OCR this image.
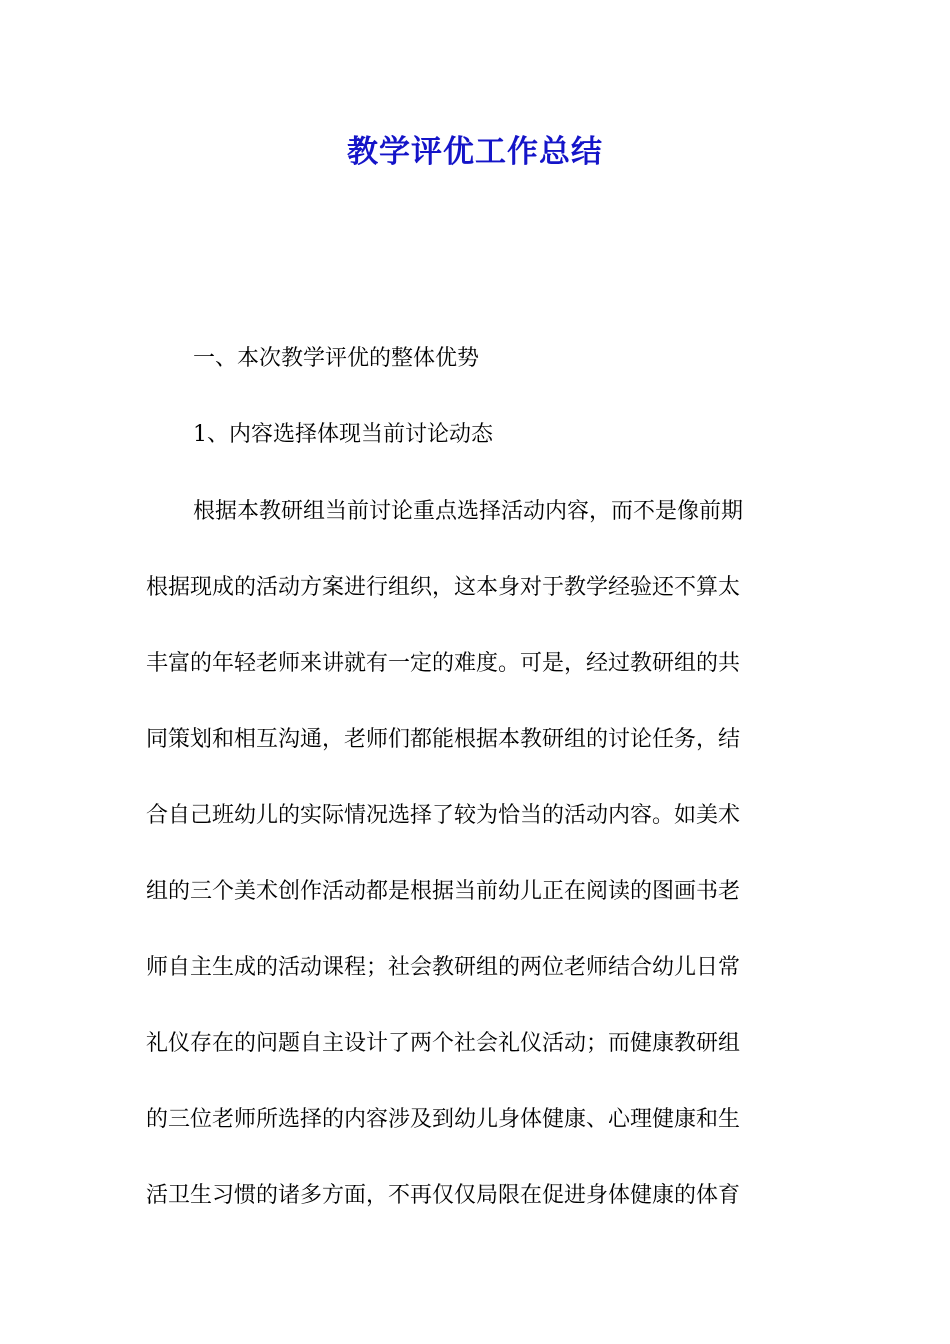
教学评优工作总结
一、本次教学评优的整体优势
1、内容选择体现当前讨论动态
根据本教研组当前讨论重点选择活动内容，而不是像前期
根据现成的活动方案进行组织，这本身对于教学经验还不算太
丰富的年轻老师来讲就有一定的难度。可是，经过教研组的共
同策划和相互沟通，老师们都能根据本教研组的讨论任务，结
合自己班幼儿的实际情况选择了较为恰当的活动内容。如美术
组的三个美术创作活动都是根据当前幼儿正在阅读的图画书老
师自主生成的活动课程；社会教研组的两位老师结合幼儿日常
礼仪存在的问题自主设计了两个社会礼仪活动；而健康教研组
的三位老师所选择的内容涉及到幼儿身体健康、心理健康和生
活卫生习惯的诸多方面，不再仅仅局限在促进身体健康的体育
